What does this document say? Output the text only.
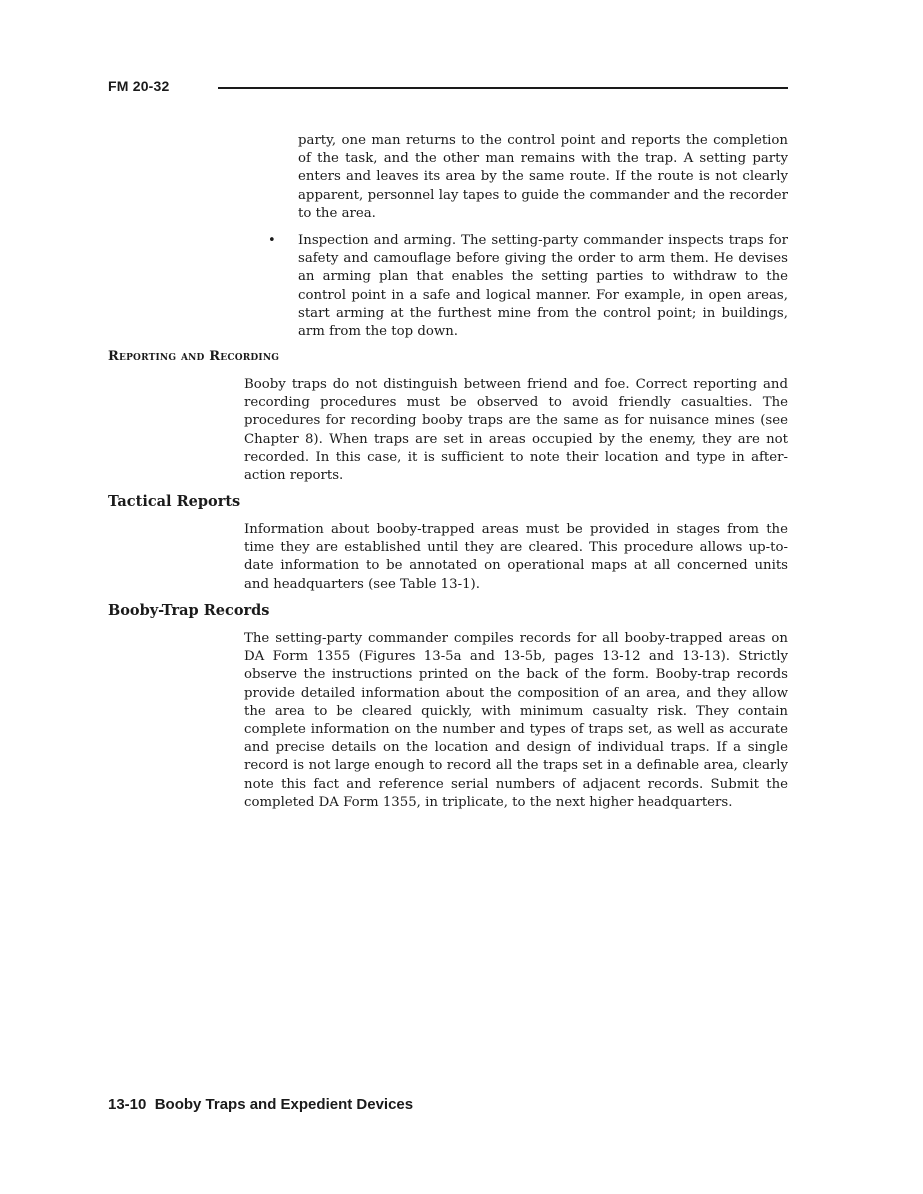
FM 20-32

party, one man returns to the control point and reports the completion of the task, and the other man remains with the trap. A setting party enters and leaves its area by the same route. If the route is not clearly apparent, personnel lay tapes to guide the commander and the recorder to the area.

• Inspection and arming. The setting-party commander inspects traps for safety and camouflage before giving the order to arm them. He devises an arming plan that enables the setting parties to withdraw to the control point in a safe and logical manner. For example, in open areas, start arming at the furthest mine from the control point; in buildings, arm from the top down.

Reporting and Recording

Booby traps do not distinguish between friend and foe. Correct reporting and recording procedures must be observed to avoid friendly casualties. The procedures for recording booby traps are the same as for nuisance mines (see Chapter 8). When traps are set in areas occupied by the enemy, they are not recorded. In this case, it is sufficient to note their location and type in after-action reports.

Tactical Reports

Information about booby-trapped areas must be provided in stages from the time they are established until they are cleared. This procedure allows up-to-date information to be annotated on operational maps at all concerned units and headquarters (see Table 13-1).

Booby-Trap Records

The setting-party commander compiles records for all booby-trapped areas on DA Form 1355 (Figures 13-5a and 13-5b, pages 13-12 and 13-13). Strictly observe the instructions printed on the back of the form. Booby-trap records provide detailed information about the composition of an area, and they allow the area to be cleared quickly, with minimum casualty risk. They contain complete information on the number and types of traps set, as well as accurate and precise details on the location and design of individual traps. If a single record is not large enough to record all the traps set in a definable area, clearly note this fact and reference serial numbers of adjacent records. Submit the completed DA Form 1355, in triplicate, to the next higher headquarters.

13-10  Booby Traps and Expedient Devices
